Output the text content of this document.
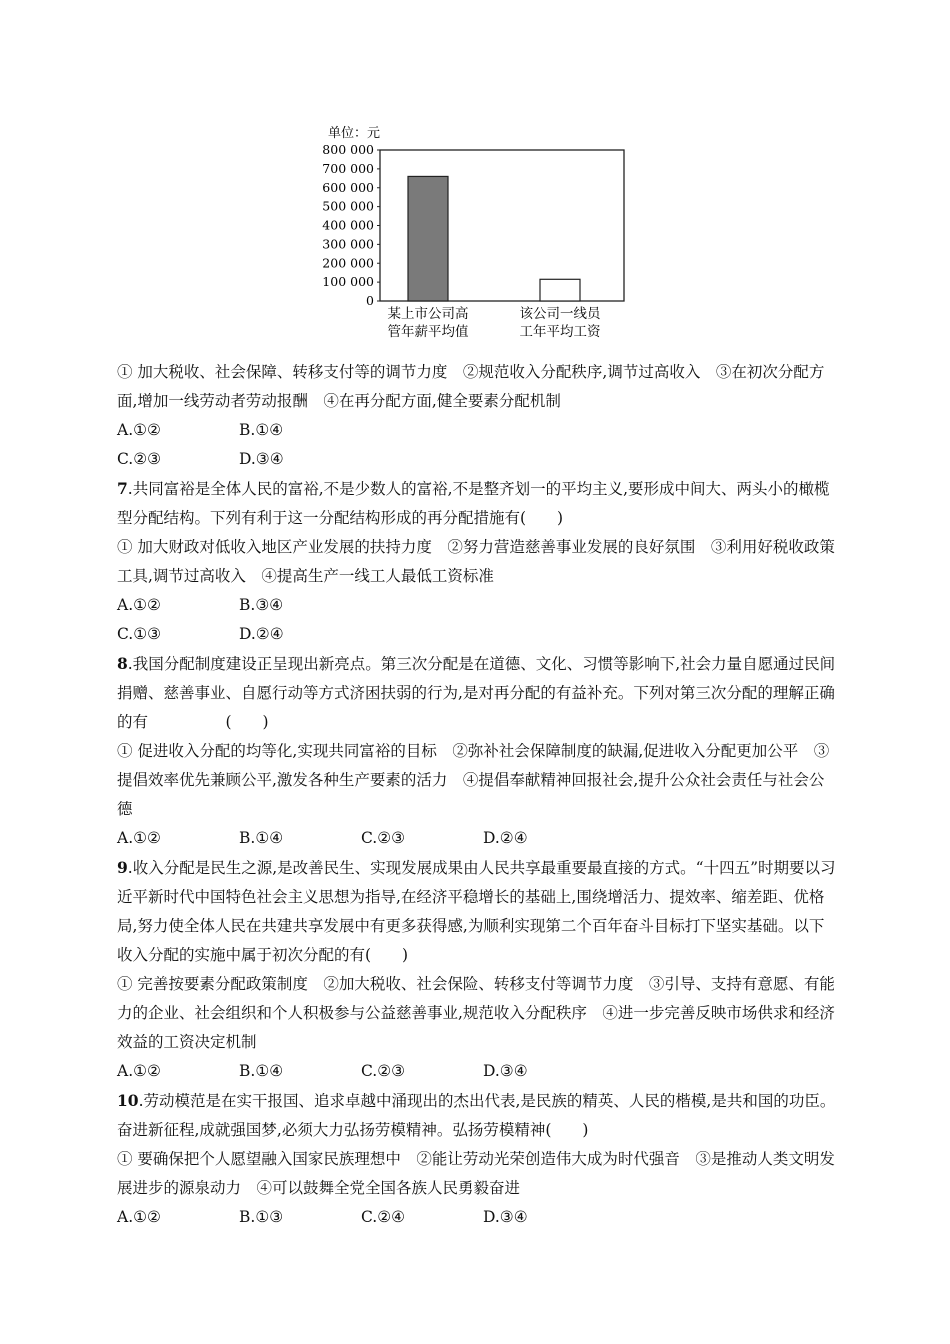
单位：元
800 000
700 000
600 000
500 000
400 000
300 000
200 000
100 000
0
某上市公司高
管年薪平均值
该公司一线员
工年平均工资

① 加大税收、社会保障、转移支付等的调节力度　②规范收入分配秩序,调节过高收入　③在初次分配方面,增加一线劳动者劳动报酬　④在再分配方面,健全要素分配机制

A.①②	B.①④
C.②③	D.③④

7.共同富裕是全体人民的富裕,不是少数人的富裕,不是整齐划一的平均主义,要形成中间大、两头小的橄榄型分配结构。下列有利于这一分配结构形成的再分配措施有(　　)

① 加大财政对低收入地区产业发展的扶持力度　②努力营造慈善事业发展的良好氛围　③利用好税收政策工具,调节过高收入　④提高生产一线工人最低工资标准

A.①②	B.③④
C.①③	D.②④

8.我国分配制度建设正呈现出新亮点。第三次分配是在道德、文化、习惯等影响下,社会力量自愿通过民间捐赠、慈善事业、自愿行动等方式济困扶弱的行为,是对再分配的有益补充。下列对第三次分配的理解正确的有　　　　　(　　)

① 促进收入分配的均等化,实现共同富裕的目标　②弥补社会保障制度的缺漏,促进收入分配更加公平　③提倡效率优先兼顾公平,激发各种生产要素的活力　④提倡奉献精神回报社会,提升公众社会责任与社会公德

A.①②	B.①④	C.②③	D.②④

9.收入分配是民生之源,是改善民生、实现发展成果由人民共享最重要最直接的方式。“十四五”时期要以习近平新时代中国特色社会主义思想为指导,在经济平稳增长的基础上,围绕增活力、提效率、缩差距、优格局,努力使全体人民在共建共享发展中有更多获得感,为顺利实现第二个百年奋斗目标打下坚实基础。以下收入分配的实施中属于初次分配的有(　　)

① 完善按要素分配政策制度　②加大税收、社会保险、转移支付等调节力度　③引导、支持有意愿、有能力的企业、社会组织和个人积极参与公益慈善事业,规范收入分配秩序　④进一步完善反映市场供求和经济效益的工资决定机制

A.①②	B.①④	C.②③	D.③④

10.劳动模范是在实干报国、追求卓越中涌现出的杰出代表,是民族的精英、人民的楷模,是共和国的功臣。奋进新征程,成就强国梦,必须大力弘扬劳模精神。弘扬劳模精神(　　)

① 要确保把个人愿望融入国家民族理想中　②能让劳动光荣创造伟大成为时代强音　③是推动人类文明发展进步的源泉动力　④可以鼓舞全党全国各族人民勇毅奋进

A.①②	B.①③	C.②④	D.③④
